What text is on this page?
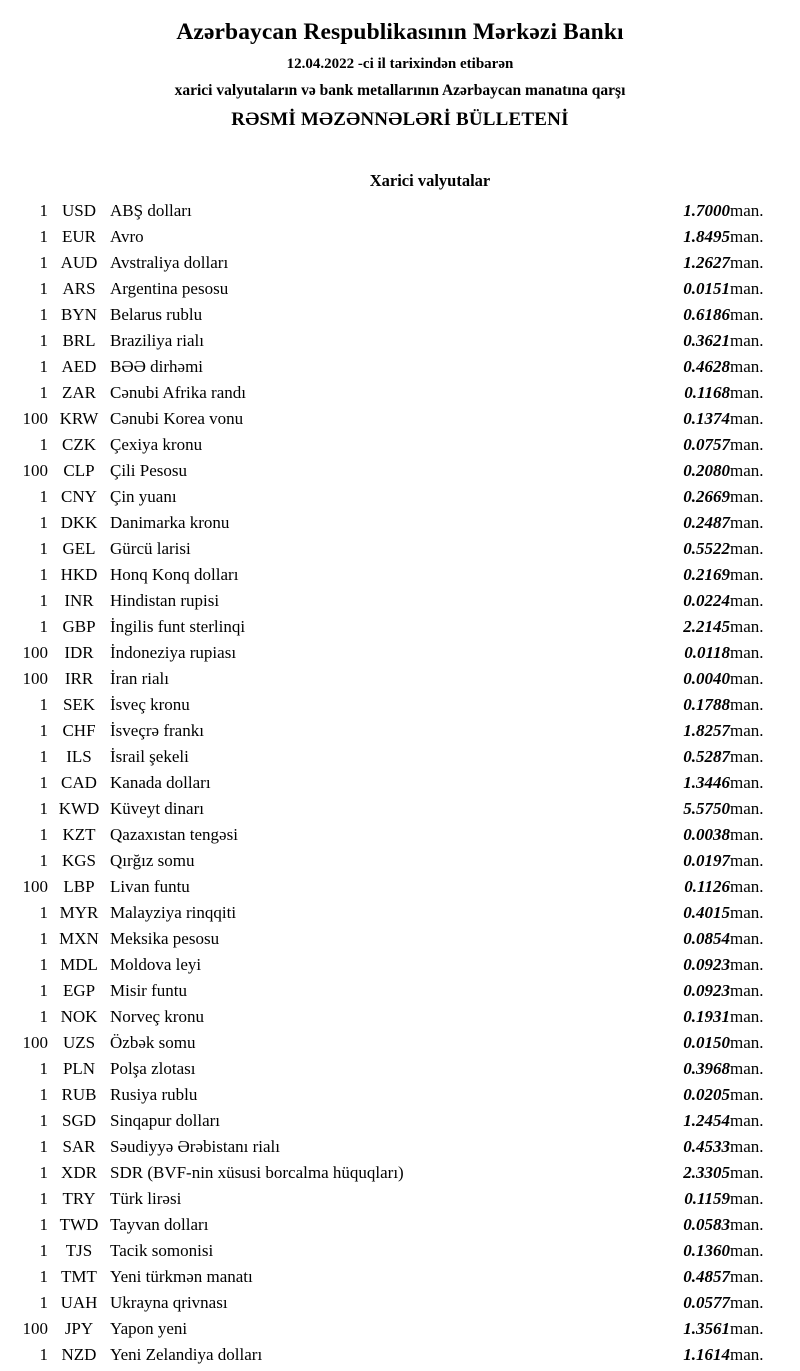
Azərbaycan Respublikasının Mərkəzi Bankı
12.04.2022 -ci il tarixindən etibarən
xarici valyutaların və bank metallarının Azərbaycan manatına qarşı
RƏSMİ MƏZƏNNƏLƏRİ BÜLLETENİ
Xarici valyutalar
1	USD	ABŞ dolları	1.7000	man.
1	EUR	Avro	1.8495	man.
1	AUD	Avstraliya dolları	1.2627	man.
1	ARS	Argentina pesosu	0.0151	man.
1	BYN	Belarus rublu	0.6186	man.
1	BRL	Braziliya rialı	0.3621	man.
1	AED	BƏƏ dirhəmi	0.4628	man.
1	ZAR	Cənubi Afrika randı	0.1168	man.
100	KRW	Cənubi Korea vonu	0.1374	man.
1	CZK	Çexiya kronu	0.0757	man.
100	CLP	Çili Pesosu	0.2080	man.
1	CNY	Çin yuanı	0.2669	man.
1	DKK	Danimarka kronu	0.2487	man.
1	GEL	Gürcü larisi	0.5522	man.
1	HKD	Honq Konq dolları	0.2169	man.
1	INR	Hindistan rupisi	0.0224	man.
1	GBP	İngilis funt sterlinqi	2.2145	man.
100	IDR	İndoneziya rupiası	0.0118	man.
100	IRR	İran rialı	0.0040	man.
1	SEK	İsveç kronu	0.1788	man.
1	CHF	İsveçrə frankı	1.8257	man.
1	ILS	İsrail şekeli	0.5287	man.
1	CAD	Kanada dolları	1.3446	man.
1	KWD	Küveyt dinarı	5.5750	man.
1	KZT	Qazaxıstan tengəsi	0.0038	man.
1	KGS	Qırğız somu	0.0197	man.
100	LBP	Livan funtu	0.1126	man.
1	MYR	Malayziya rinqqiti	0.4015	man.
1	MXN	Meksika pesosu	0.0854	man.
1	MDL	Moldova leyi	0.0923	man.
1	EGP	Misir funtu	0.0923	man.
1	NOK	Norveç kronu	0.1931	man.
100	UZS	Özbək somu	0.0150	man.
1	PLN	Polşa zlotası	0.3968	man.
1	RUB	Rusiya rublu	0.0205	man.
1	SGD	Sinqapur dolları	1.2454	man.
1	SAR	Səudiyyə Ərəbistanı rialı	0.4533	man.
1	XDR	SDR (BVF-nin xüsusi borcalma hüquqları)	2.3305	man.
1	TRY	Türk lirəsi	0.1159	man.
1	TWD	Tayvan dolları	0.0583	man.
1	TJS	Tacik somonisi	0.1360	man.
1	TMT	Yeni türkmən manatı	0.4857	man.
1	UAH	Ukrayna qrivnası	0.0577	man.
100	JPY	Yapon yeni	1.3561	man.
1	NZD	Yeni Zelandiya dolları	1.1614	man.
